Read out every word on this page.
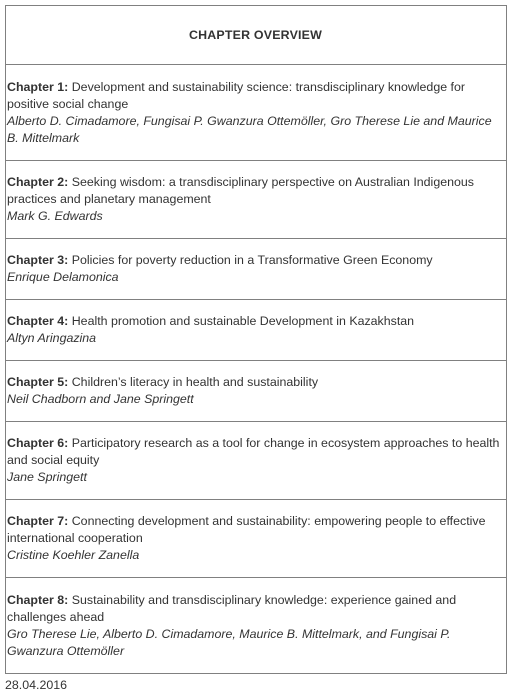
CHAPTER OVERVIEW
Chapter 1: Development and sustainability science: transdisciplinary knowledge for positive social change
Alberto D. Cimadamore, Fungisai P. Gwanzura Ottemöller, Gro Therese Lie and Maurice B. Mittelmark

Chapter 2: Seeking wisdom: a transdisciplinary perspective on Australian Indigenous practices and planetary management
Mark G. Edwards

Chapter 3: Policies for poverty reduction in a Transformative Green Economy
Enrique Delamonica

Chapter 4: Health promotion and sustainable Development in Kazakhstan
Altyn Aringazina

Chapter 5: Children’s literacy in health and sustainability
Neil Chadborn and Jane Springett

Chapter 6: Participatory research as a tool for change in ecosystem approaches to health and social equity
Jane Springett

Chapter 7: Connecting development and sustainability: empowering people to effective international cooperation
Cristine Koehler Zanella

Chapter 8: Sustainability and transdisciplinary knowledge: experience gained and challenges ahead
Gro Therese Lie, Alberto D. Cimadamore, Maurice B. Mittelmark, and Fungisai P. Gwanzura Ottemöller
28.04.2016
